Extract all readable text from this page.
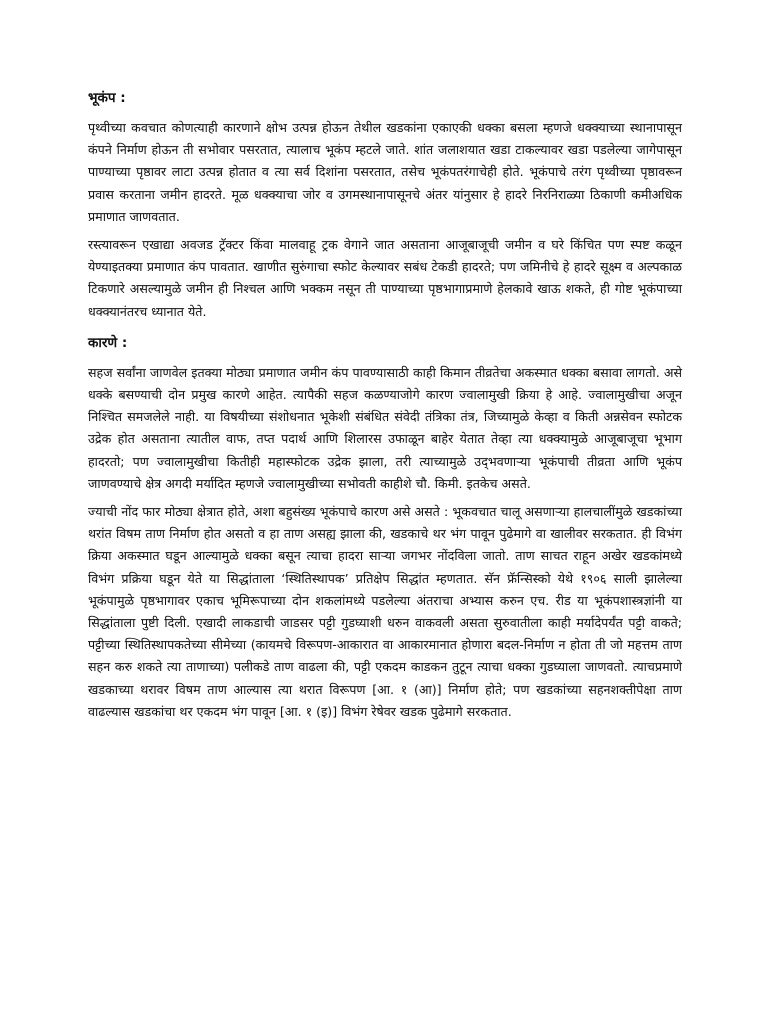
भूकंप :

पृथ्वीच्या कवचात कोणत्याही कारणाने क्षोभ उत्पन्न होऊन तेथील खडकांना एकाएकी धक्का बसला म्हणजे धक्क्याच्या स्थानापासून कंपने निर्माण होऊन ती सभोवार पसरतात, त्यालाच भूकंप म्हटले जाते. शांत जलाशयात खडा टाकल्यावर खडा पडलेल्या जागेपासून पाण्याच्या पृष्ठावर लाटा उत्पन्न होतात व त्या सर्व दिशांना पसरतात, तसेच भूकंपतरंगाचेही होते. भूकंपाचे तरंग पृथ्वीच्या पृष्ठावरून प्रवास करताना जमीन हादरते. मूळ धक्क्याचा जोर व उगमस्थानापासूनचे अंतर यांनुसार हे हादरे निरनिराळ्या ठिकाणी कमीअधिक प्रमाणात जाणवतात.

रस्त्यावरून एखाद्या अवजड ट्रॅक्टर किंवा मालवाहू ट्रक वेगाने जात असताना आजूबाजूची जमीन व घरे किंचित पण स्पष्ट कळून येण्याइतक्या प्रमाणात कंप पावतात. खाणीत सुरुंगाचा स्फोट केल्यावर सबंध टेकडी हादरते; पण जमिनीचे हे हादरे सूक्ष्म व अल्पकाळ टिकणारे असल्यामुळे जमीन ही निश्चल आणि भक्कम नसून ती पाण्याच्या पृष्ठभागाप्रमाणे हेलकावे खाऊ शकते, ही गोष्ट भूकंपाच्या धक्क्यानंतरच ध्यानात येते.

कारणे :

सहज सर्वांना जाणवेल इतक्या मोठ्या प्रमाणात जमीन कंप पावण्यासाठी काही किमान तीव्रतेचा अकस्मात धक्का बसावा लागतो. असे धक्के बसण्याची दोन प्रमुख कारणे आहेत. त्यापैकी सहज कळण्याजोगे कारण ज्वालामुखी क्रिया हे आहे. ज्वालामुखीचा अजून निश्चित समजलेले नाही. या विषयीच्या संशोधनात भूकेशी संबंधित संवेदी तंत्रिका तंत्र, जिच्यामुळे केव्हा व किती अन्नसेवन स्फोटक उद्रेक होत असताना त्यातील वाफ, तप्त पदार्थ आणि शिलारस उफाळून बाहेर येतात तेव्हा त्या धक्क्यामुळे आजूबाजूचा भूभाग हादरतो; पण ज्वालामुखीचा कितीही महास्फोटक उद्रेक झाला, तरी त्याच्यामुळे उद्‌भवणाऱ्या भूकंपाची तीव्रता आणि भूकंप जाणवण्याचे क्षेत्र अगदी मर्यादित म्हणजे ज्वालामुखीच्या सभोवती काहीशे चौ. किमी. इतकेच असते.

ज्याची नोंद फार मोठ्या क्षेत्रात होते, अशा बहुसंख्य भूकंपाचे कारण असे असते : भूकवचात चालू असणाऱ्या हालचालींमुळे खडकांच्या थरांत विषम ताण निर्माण होत असतो व हा ताण असह्य झाला की, खडकाचे थर भंग पावून पुढेमागे वा खालीवर सरकतात. ही विभंग क्रिया अकस्मात घडून आल्यामुळे धक्का बसून त्याचा हादरा साऱ्या जगभर नोंदविला जातो. ताण साचत राहून अखेर खडकांमध्ये विभंग प्रक्रिया घडून येते या सिद्धांताला ‘स्थितिस्थापक’ प्रतिक्षेप सिद्धांत म्हणतात. सॅन फ्रॅन्सिस्को येथे १९०६ साली झालेल्या भूकंपामुळे पृष्ठभागावर एकाच भूमिरूपाच्या दोन शकलांमध्ये पडलेल्या अंतराचा अभ्यास करुन एच. रीड या भूकंपशास्त्रज्ञांनी या सिद्धांताला पुष्टी दिली. एखादी लाकडाची जाडसर पट्टी गुडघ्याशी धरुन वाकवली असता सुरुवातीला काही मर्यादेपर्यंत पट्टी वाकते; पट्टीच्या स्थितिस्थापकतेच्या सीमेच्या (कायमचे विरूपण-आकारात वा आकारमानात होणारा बदल-निर्माण न होता ती जो महत्तम ताण सहन करु शकते त्या ताणाच्या) पलीकडे ताण वाढला की, पट्टी एकदम काडकन तुटून त्याचा धक्का गुडघ्याला जाणवतो. त्याचप्रमाणे खडकाच्या थरावर विषम ताण आल्यास त्या थरात विरूपण [आ. १ (आ)] निर्माण होते; पण खडकांच्या सहनशक्तीपेक्षा ताण वाढल्यास खडकांचा थर एकदम भंग पावून [आ. १ (इ)] विभंग रेषेवर खडक पुढेमागे सरकतात.
